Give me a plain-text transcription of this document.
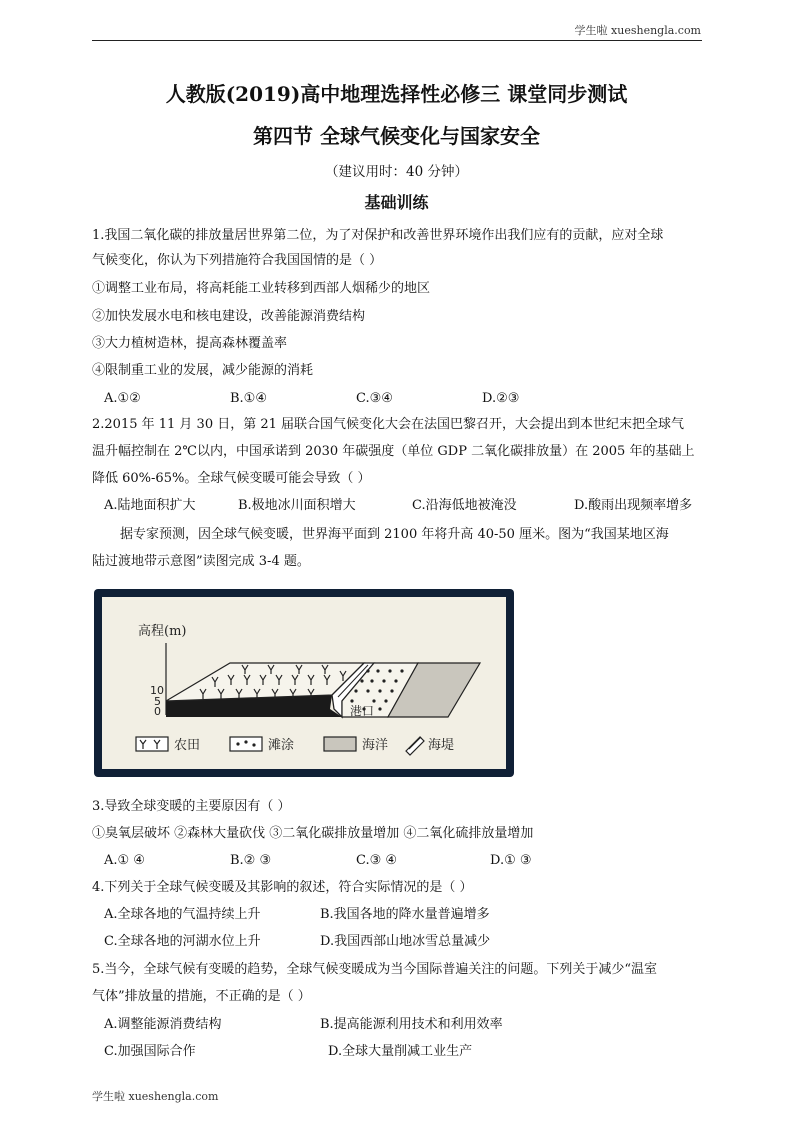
学生啦 xueshengla.com
人教版(2019)高中地理选择性必修三 课堂同步测试
第四节 全球气候变化与国家安全
（建议用时：40 分钟）
基础训练
1.我国二氧化碳的排放量居世界第二位，为了对保护和改善世界环境作出我们应有的贡献，应对全球
气候变化，你认为下列措施符合我国国情的是（ ）
①调整工业布局，将高耗能工业转移到西部人烟稀少的地区
②加快发展水电和核电建设，改善能源消费结构
③大力植树造林，提高森林覆盖率
④限制重工业的发展，减少能源的消耗
A.①②	B.①④	C.③④	D.②③
2.2015 年 11 月 30 日，第 21 届联合国气候变化大会在法国巴黎召开，大会提出到本世纪末把全球气
温升幅控制在 2℃以内，中国承诺到 2030 年碳强度（单位 GDP 二氧化碳排放量）在 2005 年的基础上
降低 60%-65%。全球气候变暖可能会导致（ ）
A.陆地面积扩大	B.极地冰川面积增大	C.沿海低地被淹没	D.酸雨出现频率增多
据专家预测，因全球气候变暖，世界海平面到 2100 年将升高 40-50 厘米。图为“我国某地区海
陆过渡地带示意图”读图完成 3-4 题。
高程(m)
10
5
0	港口
农田	滩涂	海洋	海堤
3.导致全球变暖的主要原因有（ ）
①臭氧层破坏 ②森林大量砍伐 ③二氧化碳排放量增加 ④二氧化硫排放量增加
A.① ④	B.② ③	C.③ ④	D.① ③
4.下列关于全球气候变暖及其影响的叙述，符合实际情况的是（ ）
A.全球各地的气温持续上升	B.我国各地的降水量普遍增多
C.全球各地的河湖水位上升	D.我国西部山地冰雪总量减少
5.当今，全球气候有变暖的趋势，全球气候变暖成为当今国际普遍关注的问题。下列关于减少“温室
气体”排放量的措施，不正确的是（ ）
A.调整能源消费结构	B.提高能源利用技术和利用效率
C.加强国际合作	D.全球大量削减工业生产
学生啦 xueshengla.com
